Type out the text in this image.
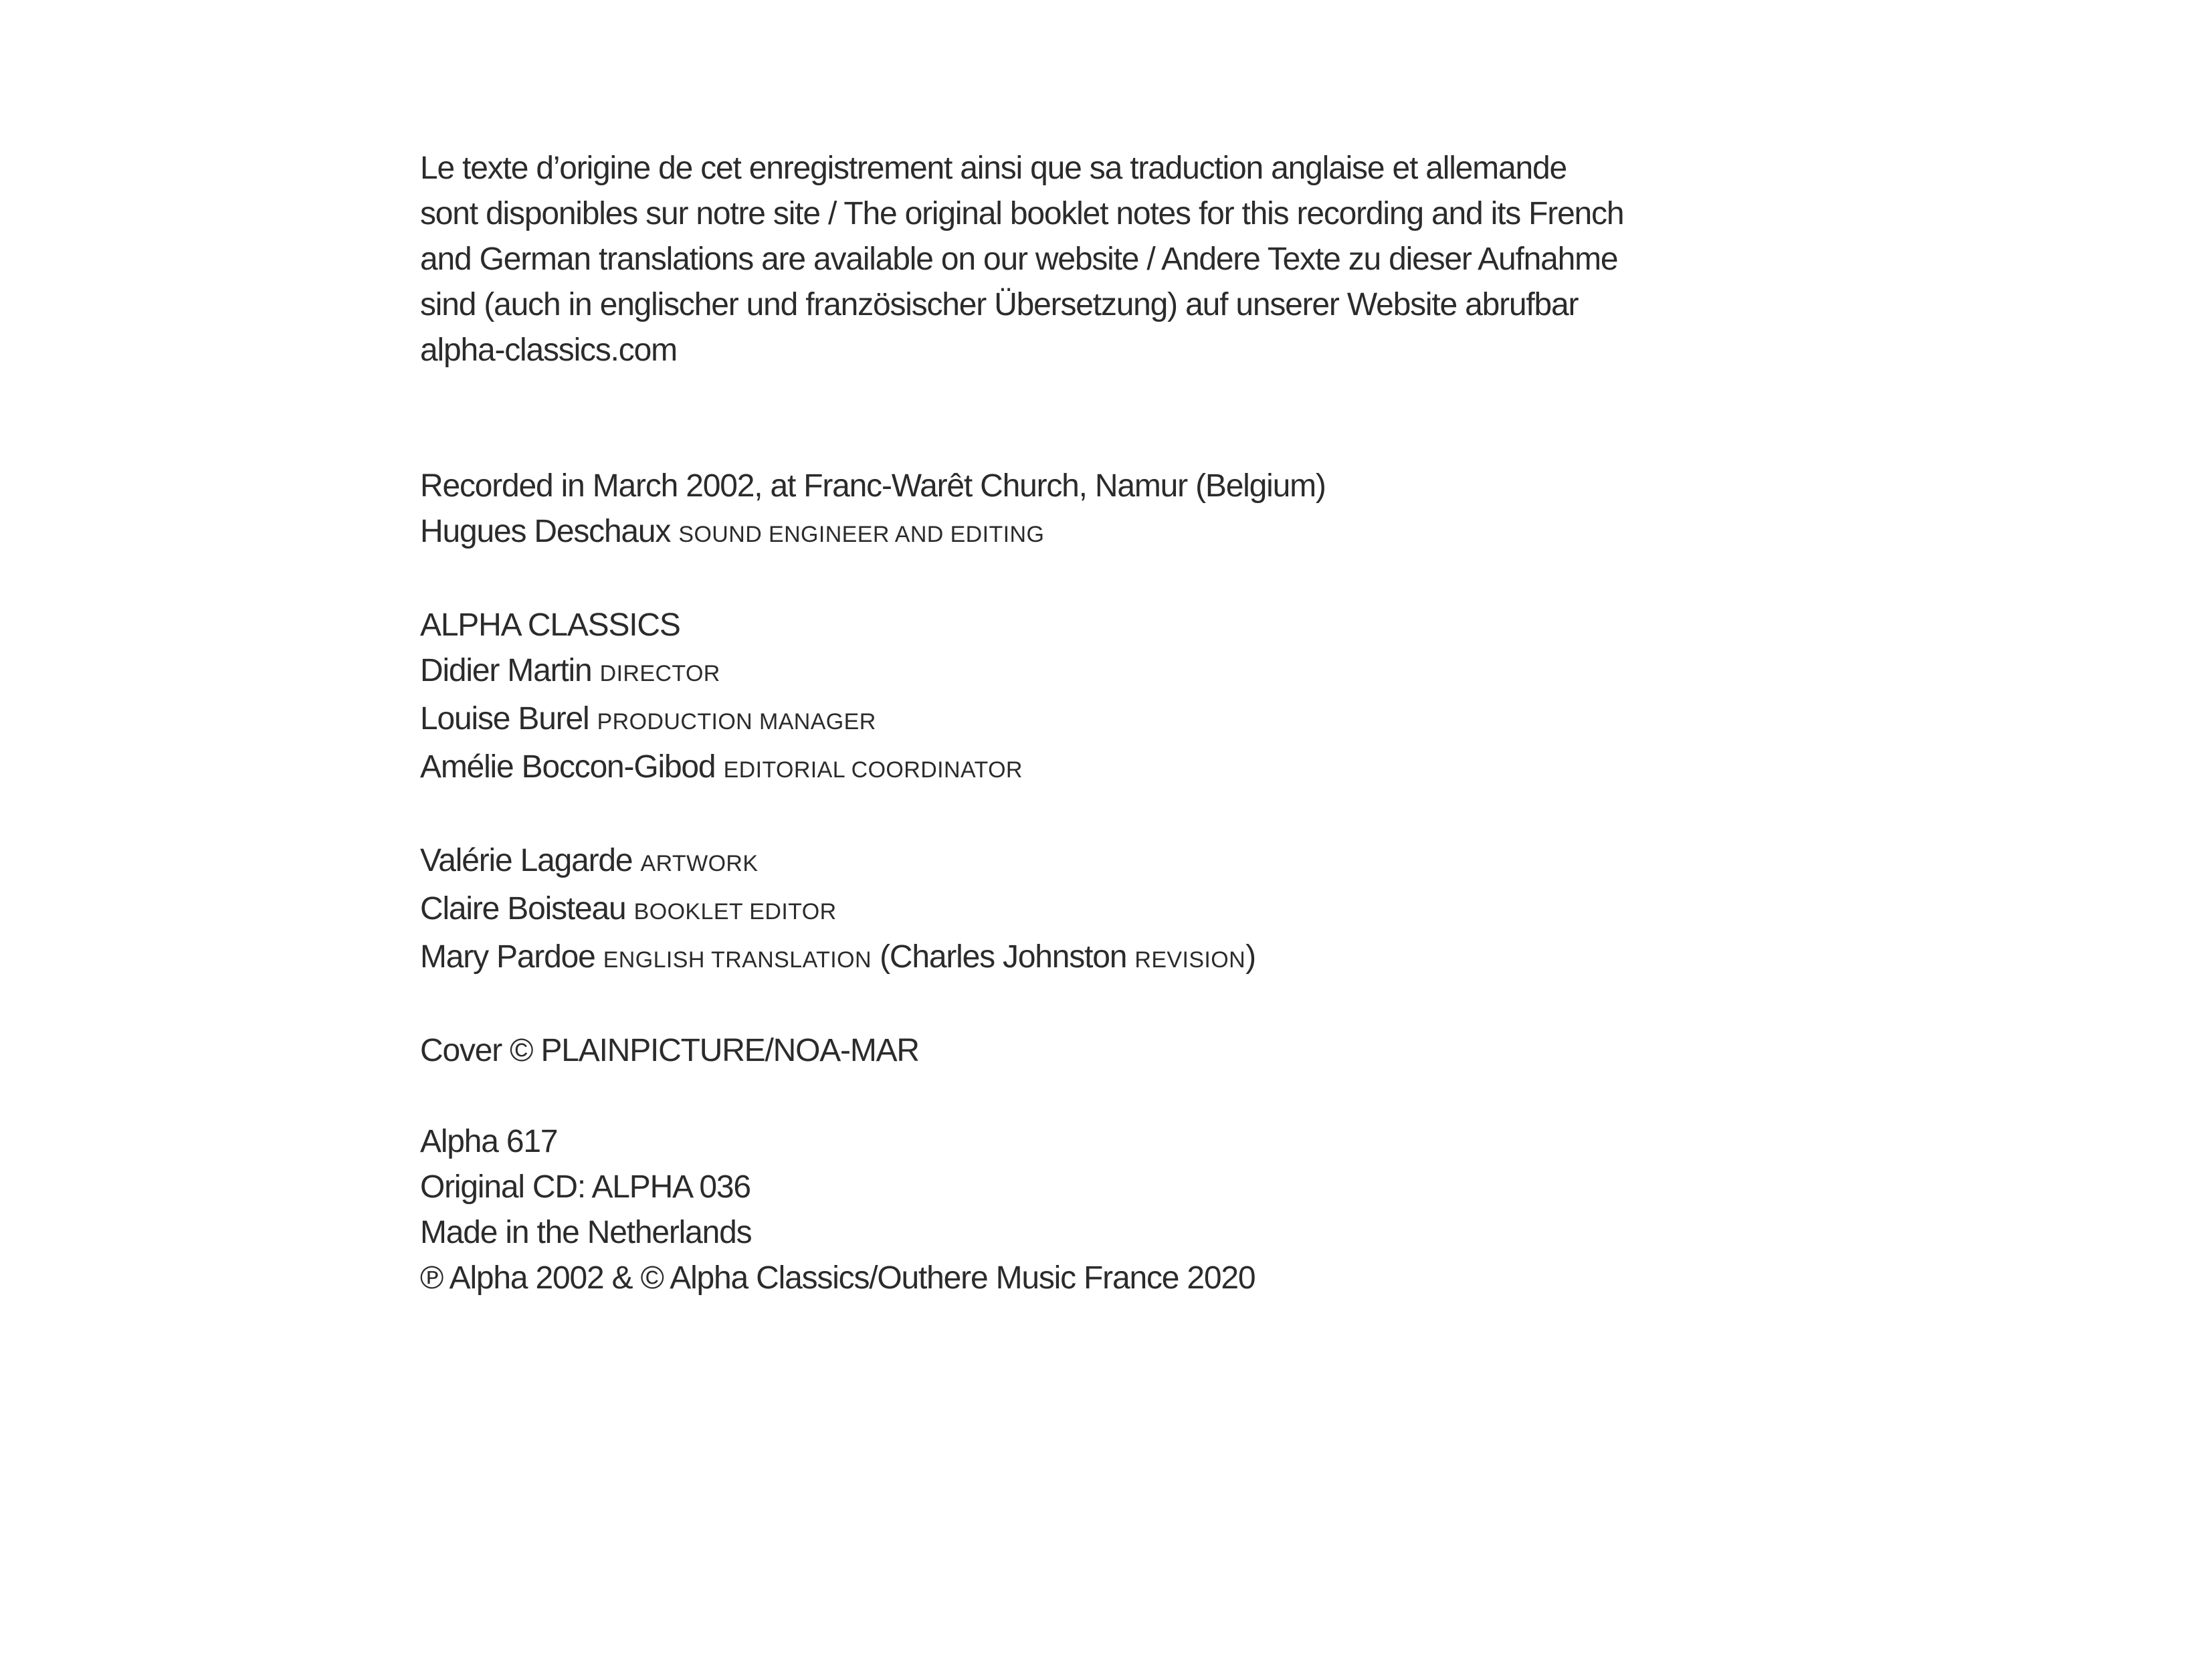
Le texte d’origine de cet enregistrement ainsi que sa traduction anglaise et allemande

sont disponibles sur notre site / The original booklet notes for this recording and its French

and German translations are available on our website / Andere Texte zu dieser Aufnahme

sind (auch in englischer und französischer Übersetzung) auf unserer Website abrufbar

alpha-classics.com

Recorded in March 2002, at Franc-Warêt Church, Namur (Belgium)

Hugues Deschaux SOUND ENGINEER AND EDITING

ALPHA CLASSICS

Didier Martin DIRECTOR

Louise Burel PRODUCTION MANAGER

Amélie Boccon-Gibod EDITORIAL COORDINATOR

Valérie Lagarde ARTWORK

Claire Boisteau BOOKLET EDITOR

Mary Pardoe ENGLISH TRANSLATION (Charles Johnston REVISION)

Cover © PLAINPICTURE/NOA-MAR

Alpha 617

Original CD: ALPHA 036

Made in the Netherlands

℗ Alpha 2002 & © Alpha Classics/Outhere Music France 2020
